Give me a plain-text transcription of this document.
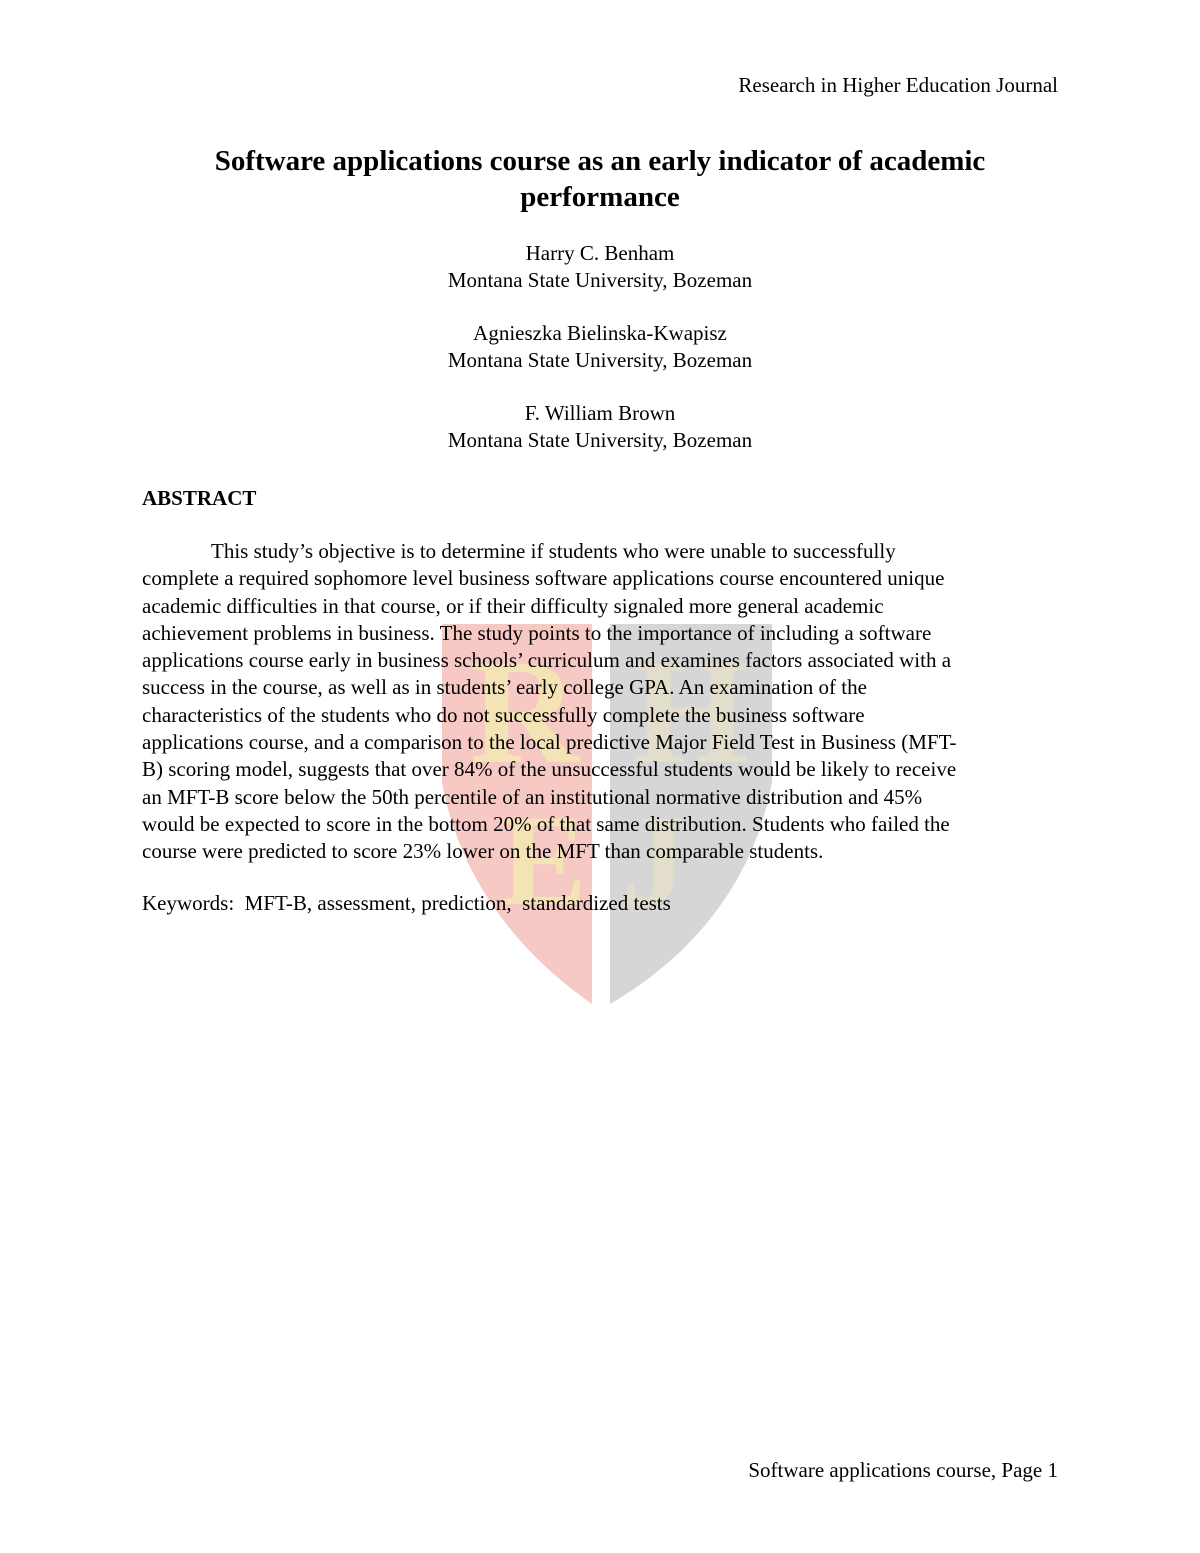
R H
E J
Research in Higher Education Journal
Software applications course as an early indicator of academic
performance
Harry C. Benham
Montana State University, Bozeman
Agnieszka Bielinska-Kwapisz
Montana State University, Bozeman
F. William Brown
Montana State University, Bozeman
ABSTRACT
This study’s objective is to determine if students who were unable to successfully
complete a required sophomore level business software applications course encountered unique
academic difficulties in that course, or if their difficulty signaled more general academic
achievement problems in business. The study points to the importance of including a software
applications course early in business schools’ curriculum and examines factors associated with a
success in the course, as well as in students’ early college GPA. An examination of the
characteristics of the students who do not successfully complete the business software
applications course, and a comparison to the local predictive Major Field Test in Business (MFT-
B) scoring model, suggests that over 84% of the unsuccessful students would be likely to receive
an MFT-B score below the 50th percentile of an institutional normative distribution and 45%
would be expected to score in the bottom 20% of that same distribution. Students who failed the
course were predicted to score 23% lower on the MFT than comparable students.
Keywords: MFT-B, assessment, prediction,  standardized tests
Software applications course, Page 1
